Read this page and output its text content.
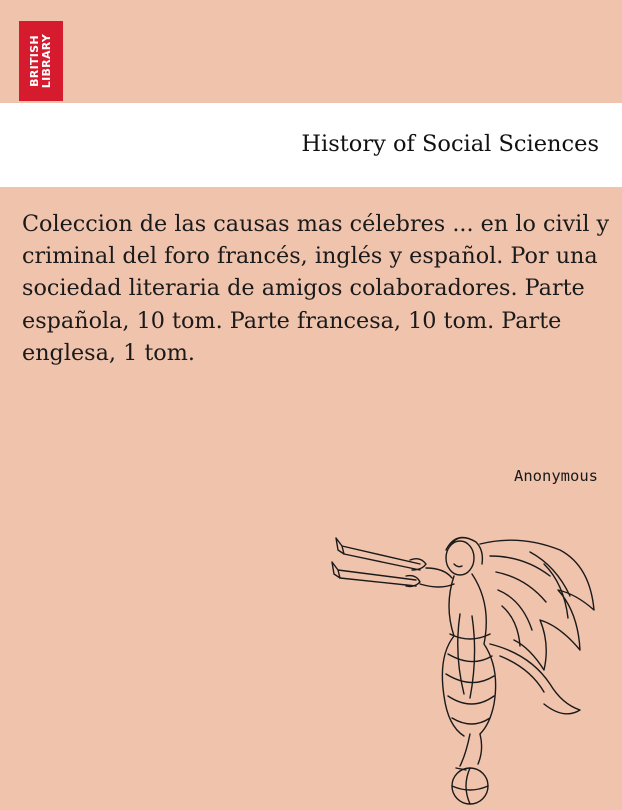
BRITISH LIBRARY
History of Social Sciences
Coleccion de las causas mas célebres ... en lo civil y criminal del foro francés, inglés y español. Por una sociedad literaria de amigos colaboradores. Parte española, 10 tom. Parte francesa, 10 tom. Parte englesa, 1 tom.
Anonymous
